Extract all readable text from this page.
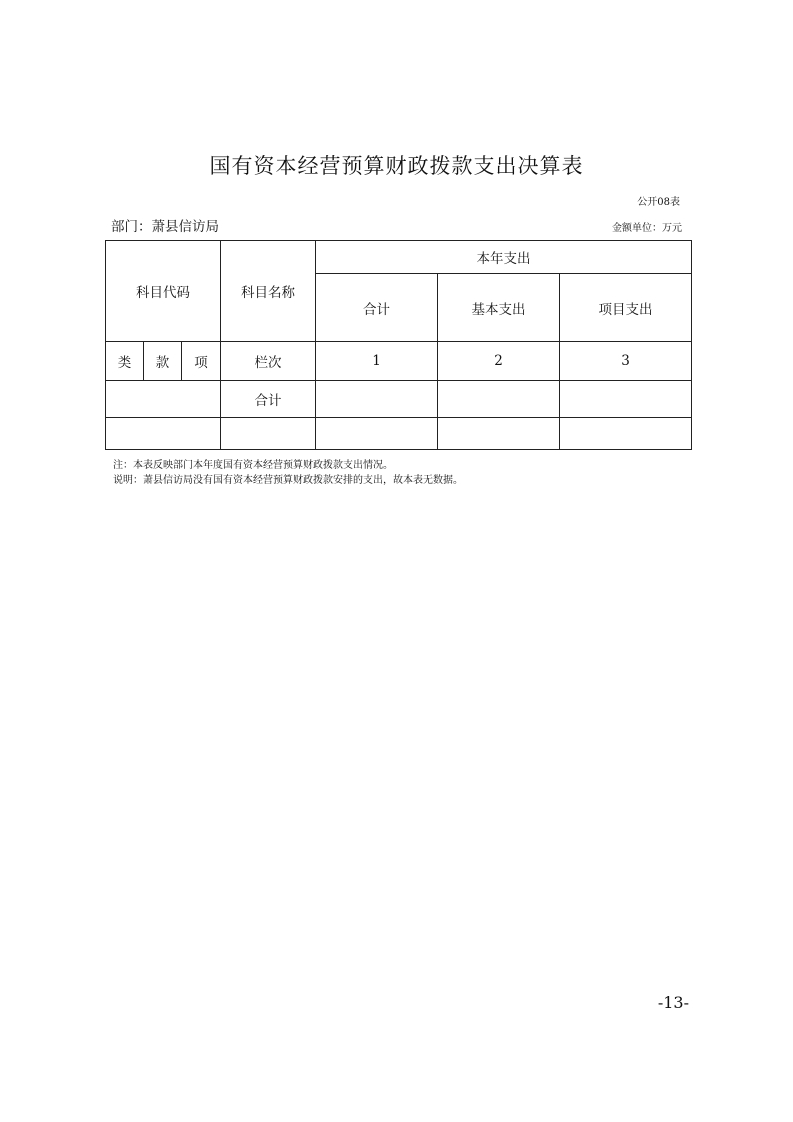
国有资本经营预算财政拨款支出决算表
公开08表
部门：萧县信访局	金额单位：万元
科目代码			科目名称	本年支出		
				合计	基本支出	项目支出
类	款	项	栏次	1	2	3
			合计			

注：本表反映部门本年度国有资本经营预算财政拨款支出情况。
说明：萧县信访局没有国有资本经营预算财政拨款安排的支出，故本表无数据。
-13-
